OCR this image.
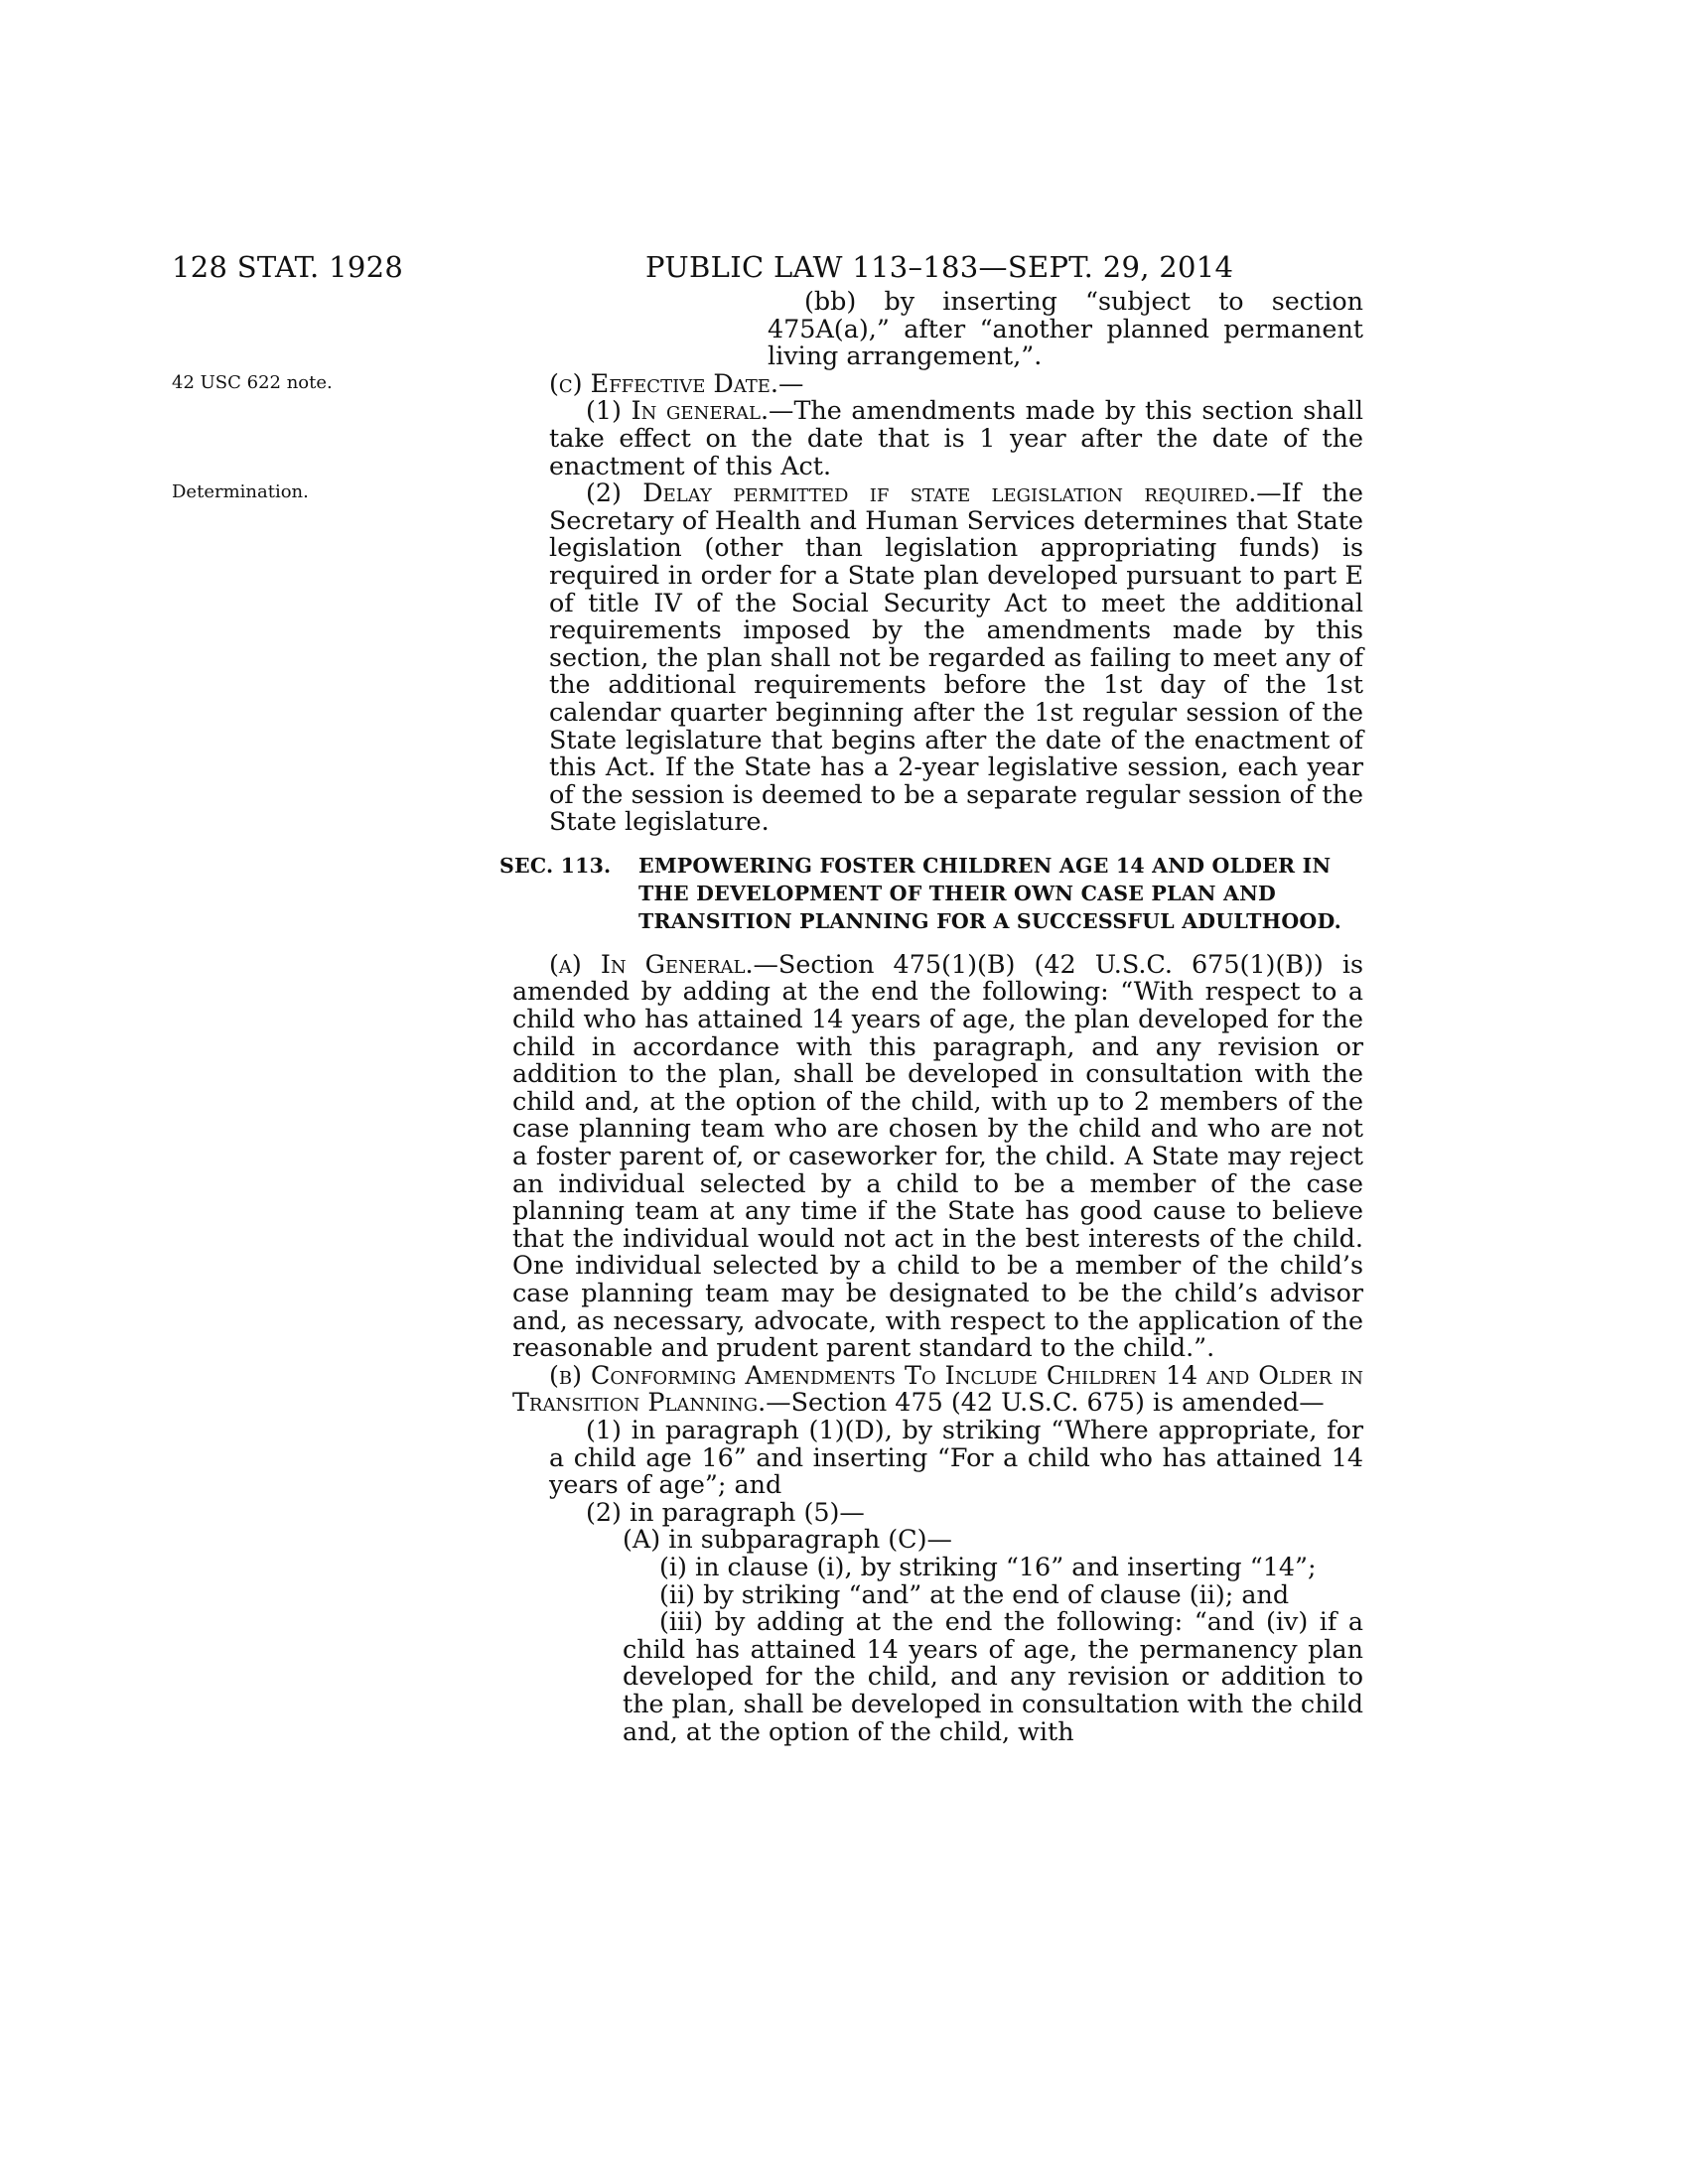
128 STAT. 1928	PUBLIC LAW 113–183—SEPT. 29, 2014

(bb) by inserting “subject to section 475A(a),” after “another planned permanent living arrangement,”.

42 USC 622 note.	(c) Effective Date.—

(1) In general.—The amendments made by this section shall take effect on the date that is 1 year after the date of the enactment of this Act.

Determination.	(2) Delay permitted if state legislation required.—If the Secretary of Health and Human Services determines that State legislation (other than legislation appropriating funds) is required in order for a State plan developed pursuant to part E of title IV of the Social Security Act to meet the additional requirements imposed by the amendments made by this section, the plan shall not be regarded as failing to meet any of the additional requirements before the 1st day of the 1st calendar quarter beginning after the 1st regular session of the State legislature that begins after the date of the enactment of this Act. If the State has a 2-year legislative session, each year of the session is deemed to be a separate regular session of the State legislature.

SEC. 113. EMPOWERING FOSTER CHILDREN AGE 14 AND OLDER IN
THE DEVELOPMENT OF THEIR OWN CASE PLAN AND
TRANSITION PLANNING FOR A SUCCESSFUL ADULTHOOD.

(a) In General.—Section 475(1)(B) (42 U.S.C. 675(1)(B)) is amended by adding at the end the following: “With respect to a child who has attained 14 years of age, the plan developed for the child in accordance with this paragraph, and any revision or addition to the plan, shall be developed in consultation with the child and, at the option of the child, with up to 2 members of the case planning team who are chosen by the child and who are not a foster parent of, or caseworker for, the child. A State may reject an individual selected by a child to be a member of the case planning team at any time if the State has good cause to believe that the individual would not act in the best interests of the child. One individual selected by a child to be a member of the child’s case planning team may be designated to be the child’s advisor and, as necessary, advocate, with respect to the application of the reasonable and prudent parent standard to the child.”.

(b) Conforming Amendments To Include Children 14 and Older in Transition Planning.—Section 475 (42 U.S.C. 675) is amended—

(1) in paragraph (1)(D), by striking “Where appropriate, for a child age 16” and inserting “For a child who has attained 14 years of age”; and

(2) in paragraph (5)—

(A) in subparagraph (C)—

(i) in clause (i), by striking “16” and inserting “14”;

(ii) by striking “and” at the end of clause (ii); and

(iii) by adding at the end the following: “and (iv) if a child has attained 14 years of age, the permanency plan developed for the child, and any revision or addition to the plan, shall be developed in consultation with the child and, at the option of the child, with
